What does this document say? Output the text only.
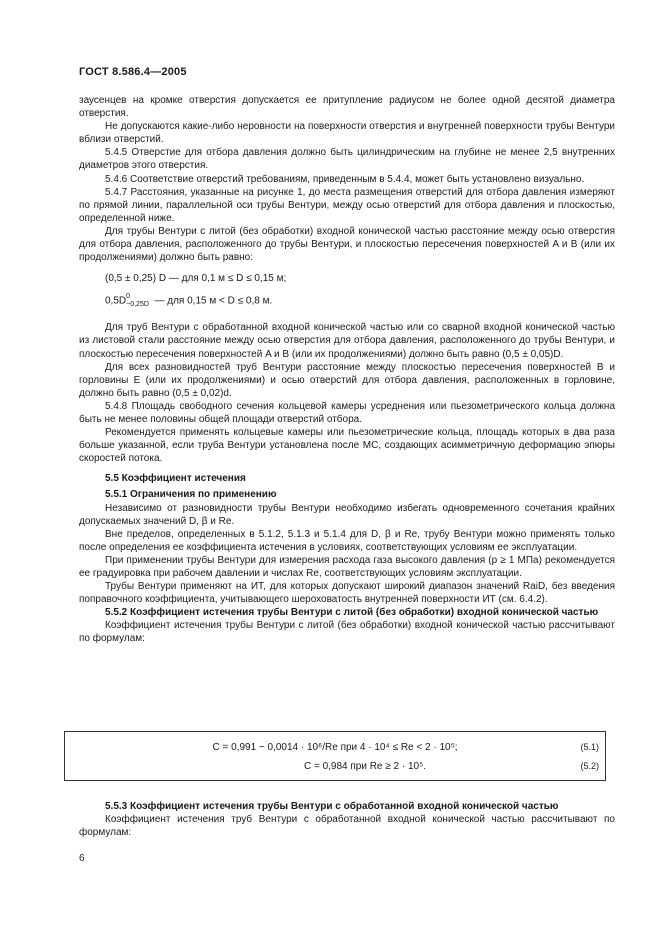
ГОСТ 8.586.4—2005

заусенцев на кромке отверстия допускается ее притупление радиусом не более одной десятой диаметра отверстия.

Не допускаются какие-либо неровности на поверхности отверстия и внутренней поверхности трубы Вентури вблизи отверстий.

5.4.5 Отверстие для отбора давления должно быть цилиндрическим на глубине не менее 2,5 внутренних диаметров этого отверстия.

5.4.6 Соответствие отверстий требованиям, приведенным в 5.4.4, может быть установлено визуально.

5.4.7 Расстояния, указанные на рисунке 1, до места размещения отверстий для отбора давления измеряют по прямой линии, параллельной оси трубы Вентури, между осью отверстий для отбора давления и плоскостью, определенной ниже.

Для трубы Вентури с литой (без обработки) входной конической частью расстояние между осью отверстия для отбора давления, расположенного до трубы Вентури, и плоскостью пересечения поверхностей A и B (или их продолжениями) должно быть равно:

(0,5 ± 0,25) D — для 0,1 м ≤ D ≤ 0,15 м;
0,5D 0
−0,25D — для 0,15 м < D ≤ 0,8 м.

Для труб Вентури с обработанной входной конической частью или со сварной входной конической частью из листовой стали расстояние между осью отверстия для отбора давления, расположенного до трубы Вентури, и плоскостью пересечения поверхностей A и B (или их продолжениями) должно быть равно (0,5 ± 0,05)D.

Для всех разновидностей труб Вентури расстояние между плоскостью пересечения поверхностей B и горловины E (или их продолжениями) и осью отверстий для отбора давления, расположенных в горловине, должно быть равно (0,5 ± 0,02)d.

5.4.8 Площадь свободного сечения кольцевой камеры усреднения или пьезометрического кольца должна быть не менее половины общей площади отверстий отбора.

Рекомендуется применять кольцевые камеры или пьезометрические кольца, площадь которых в два раза больше указанной, если труба Вентури установлена после МС, создающих асимметричную деформацию эпюры скоростей потока.

5.5 Коэффициент истечения

5.5.1 Ограничения по применению

Независимо от разновидности трубы Вентури необходимо избегать одновременного сочетания крайних допускаемых значений D, β и Re.

Вне пределов, определенных в 5.1.2, 5.1.3 и 5.1.4 для D, β и Re, трубу Вентури можно применять только после определения ее коэффициента истечения в условиях, соответствующих условиям ее эксплуатации.

При применении трубы Вентури для измерения расхода газа высокого давления (p ≥ 1 МПа) рекомендуется ее градуировка при рабочем давлении и числах Re, соответствующих условиям эксплуатации.

Трубы Вентури применяют на ИТ, для которых допускают широкий диапазон значений RaiD, без введения поправочного коэффициента, учитывающего шероховатость внутренней поверхности ИТ (см. 6.4.2).

5.5.2 Коэффициент истечения трубы Вентури с литой (без обработки) входной конической частью

Коэффициент истечения трубы Вентури с литой (без обработки) входной конической частью рассчитывают по формулам:

C = 0,991 − 0,0014 · 10⁶/Re при 4 · 10⁴ ≤ Re < 2 · 10⁵;	(5.1)
C = 0,984 при Re ≥ 2 · 10⁵.	(5.2)

5.5.3 Коэффициент истечения трубы Вентури с обработанной входной конической частью

Коэффициент истечения труб Вентури с обработанной входной конической частью рассчитывают по формулам:

6
